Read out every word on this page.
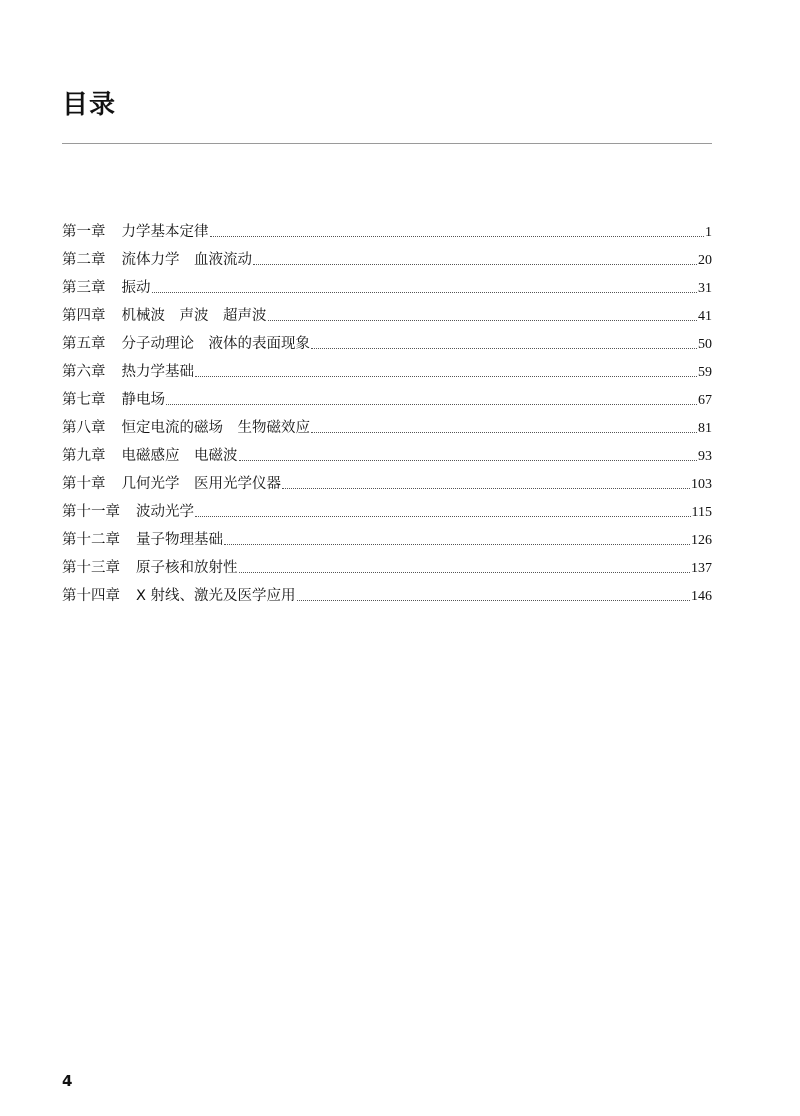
目录
第一章 力学基本定律	1
第二章 流体力学　血液流动	20
第三章 振动	31
第四章 机械波　声波　超声波	41
第五章 分子动理论　液体的表面现象	50
第六章 热力学基础	59
第七章 静电场	67
第八章 恒定电流的磁场　生物磁效应	81
第九章 电磁感应　电磁波	93
第十章 几何光学　医用光学仪器	103
第十一章 波动光学	115
第十二章 量子物理基础	126
第十三章 原子核和放射性	137
第十四章 X 射线、激光及医学应用	146
4
